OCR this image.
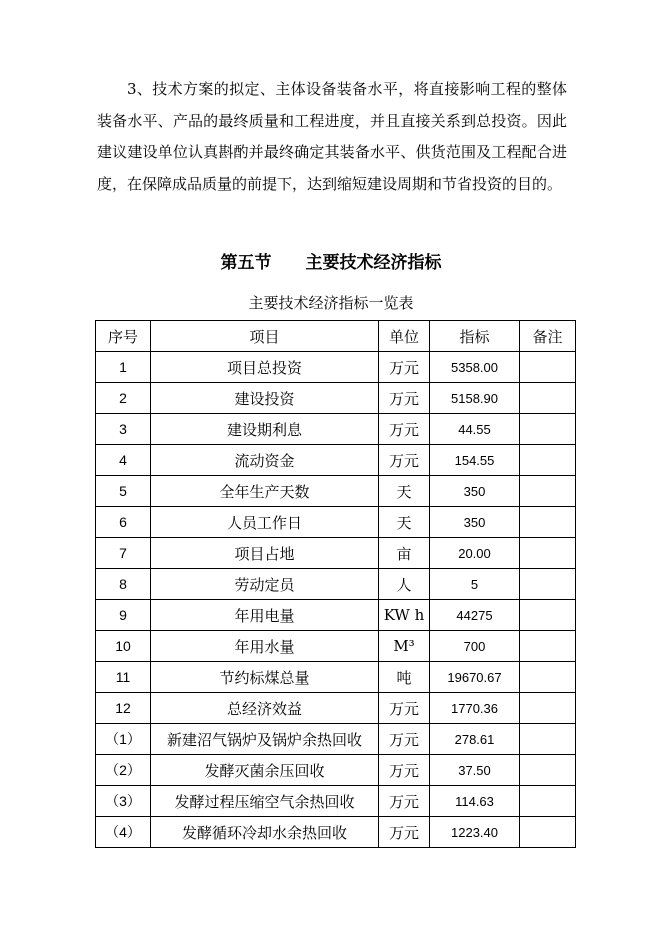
3、技术方案的拟定、主体设备装备水平，将直接影响工程的整体装备水平、产品的最终质量和工程进度，并且直接关系到总投资。因此建议建设单位认真斟酌并最终确定其装备水平、供货范围及工程配合进度，在保障成品质量的前提下，达到缩短建设周期和节省投资的目的。

第五节 主要技术经济指标
主要技术经济指标一览表
序号	项目	单位	指标	备注
1	项目总投资	万元	5358.00	
2	建设投资	万元	5158.90	
3	建设期利息	万元	44.55	
4	流动资金	万元	154.55	
5	全年生产天数	天	350	
6	人员工作日	天	350	
7	项目占地	亩	20.00	
8	劳动定员	人	5	
9	年用电量	KW h	44275	
10	年用水量	M³	700	
11	节约标煤总量	吨	19670.67	
12	总经济效益	万元	1770.36	
（1）	新建沼气锅炉及锅炉余热回收	万元	278.61	
（2）	发酵灭菌余压回收	万元	37.50	
（3）	发酵过程压缩空气余热回收	万元	114.63	
（4）	发酵循环冷却水余热回收	万元	1223.40	
